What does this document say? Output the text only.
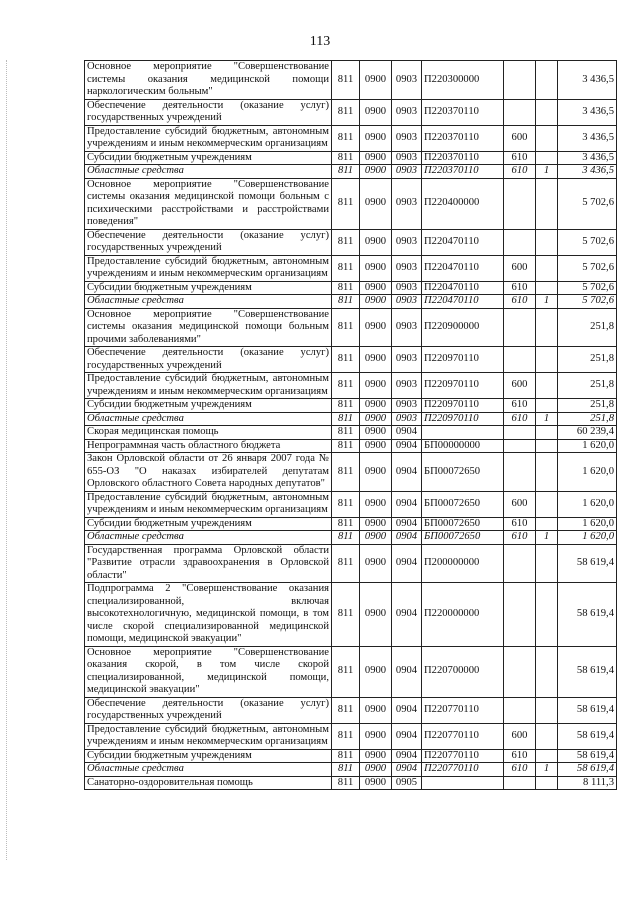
113
Основное мероприятие "Совершенствование системы оказания медицинской помощи наркологическим больным"	811	0900	0903	П220300000			3 436,5
Обеспечение деятельности (оказание услуг) государственных учреждений	811	0900	0903	П220370110			3 436,5
Предоставление субсидий бюджетным, автономным учреждениям и иным некоммерческим организациям	811	0900	0903	П220370110	600		3 436,5
Субсидии бюджетным учреждениям	811	0900	0903	П220370110	610		3 436,5
Областные средства	811	0900	0903	П220370110	610	1	3 436,5
Основное мероприятие "Совершенствование системы оказания медицинской помощи больным с психическими расстройствами и расстройствами поведения"	811	0900	0903	П220400000			5 702,6
Обеспечение деятельности (оказание услуг) государственных учреждений	811	0900	0903	П220470110			5 702,6
Предоставление субсидий бюджетным, автономным учреждениям и иным некоммерческим организациям	811	0900	0903	П220470110	600		5 702,6
Субсидии бюджетным учреждениям	811	0900	0903	П220470110	610		5 702,6
Областные средства	811	0900	0903	П220470110	610	1	5 702,6
Основное мероприятие "Совершенствование системы оказания медицинской помощи больным прочими заболеваниями"	811	0900	0903	П220900000			251,8
Обеспечение деятельности (оказание услуг) государственных учреждений	811	0900	0903	П220970110			251,8
Предоставление субсидий бюджетным, автономным учреждениям и иным некоммерческим организациям	811	0900	0903	П220970110	600		251,8
Субсидии бюджетным учреждениям	811	0900	0903	П220970110	610		251,8
Областные средства	811	0900	0903	П220970110	610	1	251,8
Скорая медицинская помощь	811	0900	0904				60 239,4
Непрограммная часть областного бюджета	811	0900	0904	БП00000000			1 620,0
Закон Орловской области от 26 января 2007 года № 655-ОЗ "О наказах избирателей депутатам Орловского областного Совета народных депутатов"	811	0900	0904	БП00072650			1 620,0
Предоставление субсидий бюджетным, автономным учреждениям и иным некоммерческим организациям	811	0900	0904	БП00072650	600		1 620,0
Субсидии бюджетным учреждениям	811	0900	0904	БП00072650	610		1 620,0
Областные средства	811	0900	0904	БП00072650	610	1	1 620,0
Государственная программа Орловской области "Развитие отрасли здравоохранения в Орловской области"	811	0900	0904	П200000000			58 619,4
Подпрограмма 2 "Совершенствование оказания специализированной, включая высокотехнологичную, медицинской помощи, в том числе скорой специализированной медицинской помощи, медицинской эвакуации"	811	0900	0904	П220000000			58 619,4
Основное мероприятие "Совершенствование оказания скорой, в том числе скорой специализированной, медицинской помощи, медицинской эвакуации"	811	0900	0904	П220700000			58 619,4
Обеспечение деятельности (оказание услуг) государственных учреждений	811	0900	0904	П220770110			58 619,4
Предоставление субсидий бюджетным, автономным учреждениям и иным некоммерческим организациям	811	0900	0904	П220770110	600		58 619,4
Субсидии бюджетным учреждениям	811	0900	0904	П220770110	610		58 619,4
Областные средства	811	0900	0904	П220770110	610	1	58 619,4
Санаторно-оздоровительная помощь	811	0900	0905				8 111,3
